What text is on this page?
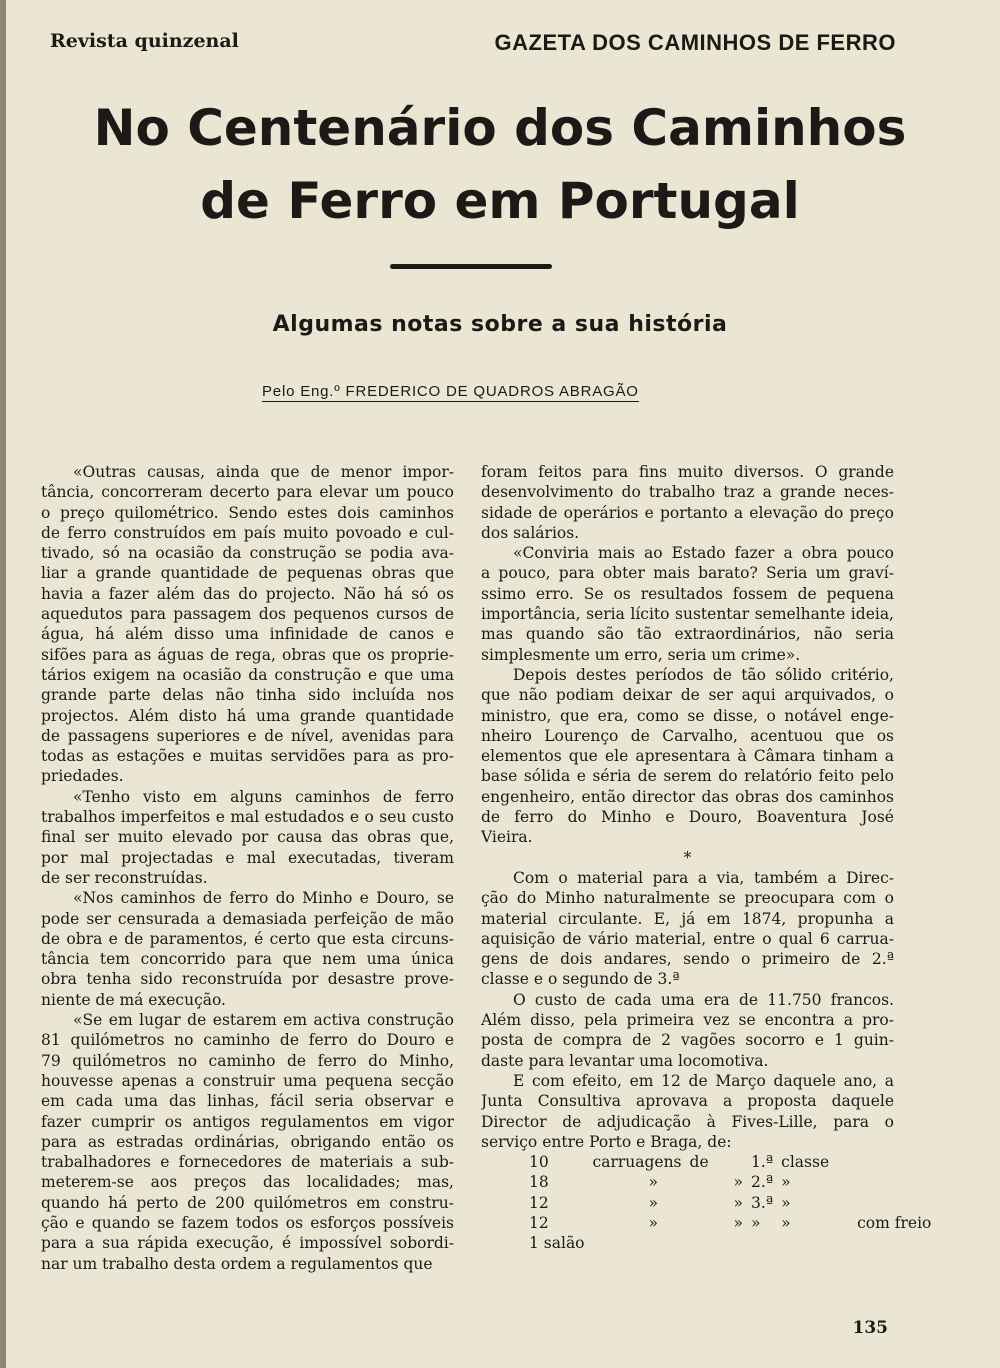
Revista quinzenal	GAZETA DOS CAMINHOS DE FERRO
No Centenário dos Caminhos
de Ferro em Portugal
Algumas notas sobre a sua história
Pelo Eng.º FREDERICO DE QUADROS ABRAGÃO
«Outras causas, ainda que de menor impor-
tância, concorreram decerto para elevar um pouco
o preço quilométrico. Sendo estes dois caminhos
de ferro construídos em país muito povoado e cul-
tivado, só na ocasião da construção se podia ava-
liar a grande quantidade de pequenas obras que
havia a fazer além das do projecto. Não há só os
aquedutos para passagem dos pequenos cursos de
água, há além disso uma infinidade de canos e
sifões para as águas de rega, obras que os proprie-
tários exigem na ocasião da construção e que uma
grande parte delas não tinha sido incluída nos
projectos. Além disto há uma grande quantidade
de passagens superiores e de nível, avenidas para
todas as estações e muitas servidões para as pro-
priedades.
«Tenho visto em alguns caminhos de ferro
trabalhos imperfeitos e mal estudados e o seu custo
final ser muito elevado por causa das obras que,
por mal projectadas e mal executadas, tiveram
de ser reconstruídas.
«Nos caminhos de ferro do Minho e Douro, se
pode ser censurada a demasiada perfeição de mão
de obra e de paramentos, é certo que esta circuns-
tância tem concorrido para que nem uma única
obra tenha sido reconstruída por desastre prove-
niente de má execução.
«Se em lugar de estarem em activa construção
81 quilómetros no caminho de ferro do Douro e
79 quilómetros no caminho de ferro do Minho,
houvesse apenas a construir uma pequena secção
em cada uma das linhas, fácil seria observar e
fazer cumprir os antigos regulamentos em vigor
para as estradas ordinárias, obrigando então os
trabalhadores e fornecedores de materiais a sub-
meterem-se aos preços das localidades; mas,
quando há perto de 200 quilómetros em constru-
ção e quando se fazem todos os esforços possíveis
para a sua rápida execução, é impossível sobordi-
nar um trabalho desta ordem a regulamentos que
foram feitos para fins muito diversos. O grande
desenvolvimento do trabalho traz a grande neces-
sidade de operários e portanto a elevação do preço
dos salários.
«Conviria mais ao Estado fazer a obra pouco
a pouco, para obter mais barato? Seria um graví-
ssimo erro. Se os resultados fossem de pequena
importância, seria lícito sustentar semelhante ideia,
mas quando são tão extraordinários, não seria
simplesmente um erro, seria um crime».
Depois destes períodos de tão sólido critério,
que não podiam deixar de ser aqui arquivados, o
ministro, que era, como se disse, o notável enge-
nheiro Lourenço de Carvalho, acentuou que os
elementos que ele apresentara à Câmara tinham a
base sólida e séria de serem do relatório feito pelo
engenheiro, então director das obras dos caminhos
de ferro do Minho e Douro, Boaventura José
Vieira.
*
Com o material para a via, também a Direc-
ção do Minho naturalmente se preocupara com o
material circulante. E, já em 1874, propunha a
aquisição de vário material, entre o qual 6 carrua-
gens de dois andares, sendo o primeiro de 2.ª
classe e o segundo de 3.ª
O custo de cada uma era de 11.750 francos.
Além disso, pela primeira vez se encontra a pro-
posta de compra de 2 vagões socorro e 1 guin-
daste para levantar uma locomotiva.
E com efeito, em 12 de Março daquele ano, a
Junta Consultiva aprovava a proposta daquele
Director de adjudicação à Fives-Lille, para o
serviço entre Porto e Braga, de:
10	carruagens	de	1.ª	classe	
18	»	»	2.ª	»	
12	»	»	3.ª	»	
12	»	»	»	»	com freio
1 salão					
135
